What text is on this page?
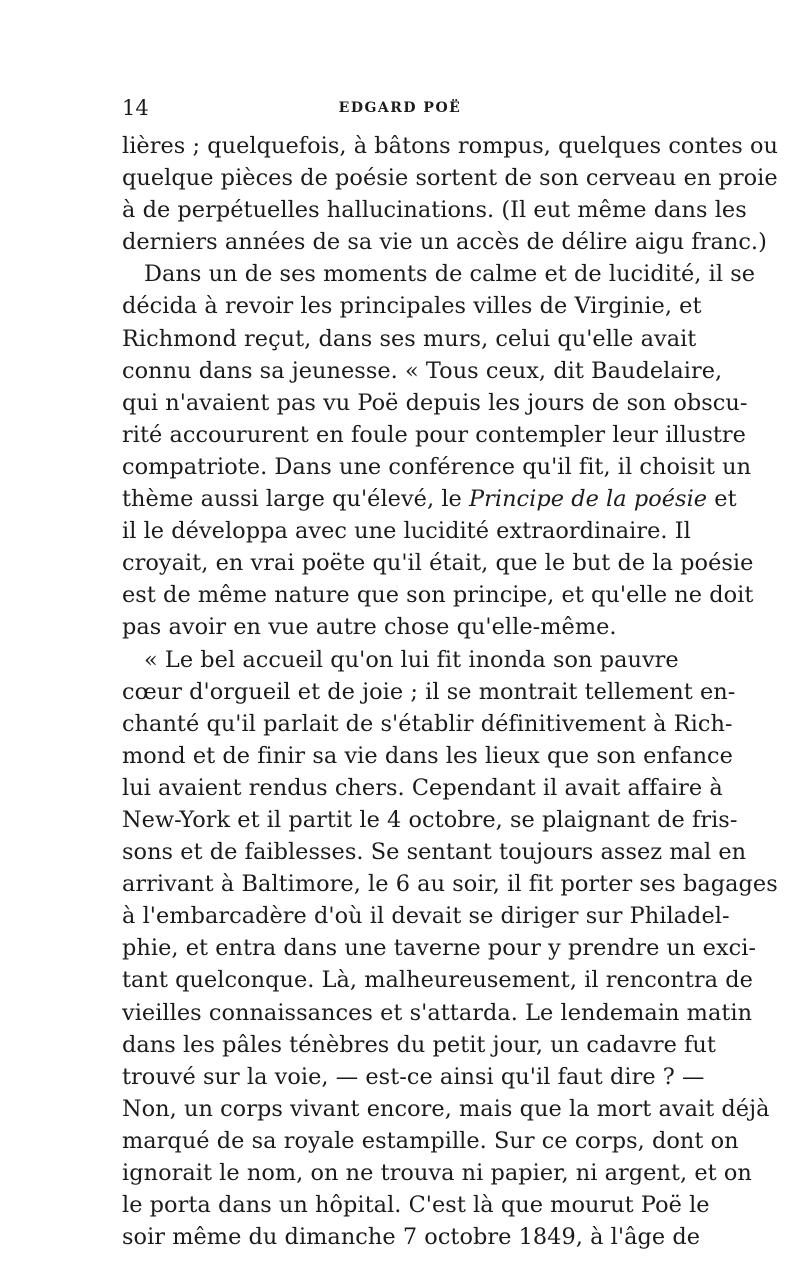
14	EDGARD POË
lières ; quelquefois, à bâtons rompus, quelques contes ou
quelque pièces de poésie sortent de son cerveau en proie
à de perpétuelles hallucinations. (Il eut même dans les
derniers années de sa vie un accès de délire aigu franc.)
Dans un de ses moments de calme et de lucidité, il se
décida à revoir les principales villes de Virginie, et
Richmond reçut, dans ses murs, celui qu'elle avait
connu dans sa jeunesse. « Tous ceux, dit Baudelaire,
qui n'avaient pas vu Poë depuis les jours de son obscu-
rité accoururent en foule pour contempler leur illustre
compatriote. Dans une conférence qu'il fit, il choisit un
thème aussi large qu'élevé, le Principe de la poésie et
il le développa avec une lucidité extraordinaire. Il
croyait, en vrai poëte qu'il était, que le but de la poésie
est de même nature que son principe, et qu'elle ne doit
pas avoir en vue autre chose qu'elle-même.
« Le bel accueil qu'on lui fit inonda son pauvre
cœur d'orgueil et de joie ; il se montrait tellement en-
chanté qu'il parlait de s'établir définitivement à Rich-
mond et de finir sa vie dans les lieux que son enfance
lui avaient rendus chers. Cependant il avait affaire à
New-York et il partit le 4 octobre, se plaignant de fris-
sons et de faiblesses. Se sentant toujours assez mal en
arrivant à Baltimore, le 6 au soir, il fit porter ses bagages
à l'embarcadère d'où il devait se diriger sur Philadel-
phie, et entra dans une taverne pour y prendre un exci-
tant quelconque. Là, malheureusement, il rencontra de
vieilles connaissances et s'attarda. Le lendemain matin
dans les pâles ténèbres du petit jour, un cadavre fut
trouvé sur la voie, — est-ce ainsi qu'il faut dire ? —
Non, un corps vivant encore, mais que la mort avait déjà
marqué de sa royale estampille. Sur ce corps, dont on
ignorait le nom, on ne trouva ni papier, ni argent, et on
le porta dans un hôpital. C'est là que mourut Poë le
soir même du dimanche 7 octobre 1849, à l'âge de
